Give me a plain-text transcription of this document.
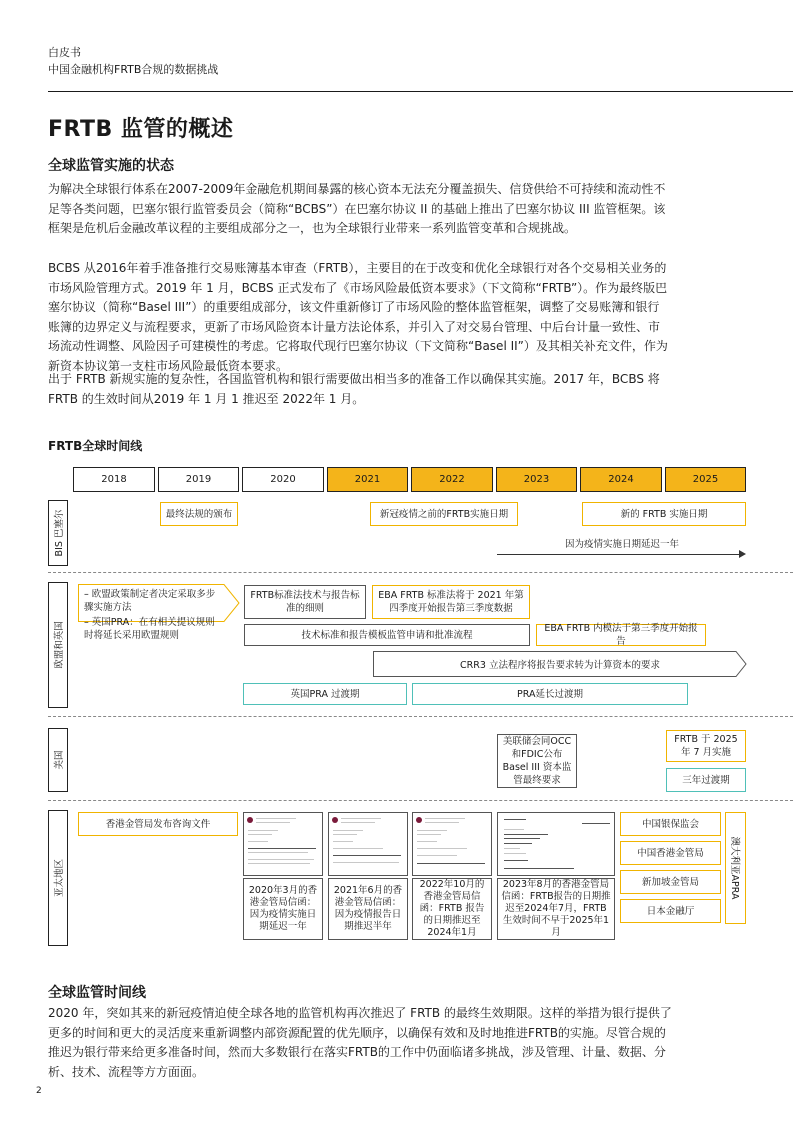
白皮书
中国金融机构FRTB合规的数据挑战
FRTB 监管的概述
全球监管实施的状态
为解决全球银行体系在2007-2009年金融危机期间暴露的核心资本无法充分覆盖损失、信贷供给不可持续和流动性不足等各类问题，巴塞尔银行监管委员会（简称“BCBS”）在巴塞尔协议 II 的基础上推出了巴塞尔协议 III 监管框架。该框架是危机后金融改革议程的主要组成部分之一，也为全球银行业带来一系列监管变革和合规挑战。
BCBS 从2016年着手准备推行交易账簿基本审查（FRTB），主要目的在于改变和优化全球银行对各个交易相关业务的市场风险管理方式。2019 年 1 月，BCBS 正式发布了《市场风险最低资本要求》（下文简称“FRTB”）。作为最终版巴塞尔协议（简称“Basel III”）的重要组成部分，该文件重新修订了市场风险的整体监管框架，调整了交易账簿和银行账簿的边界定义与流程要求，更新了市场风险资本计量方法论体系，并引入了对交易台管理、中后台计量一致性、市场流动性调整、风险因子可建模性的考虑。它将取代现行巴塞尔协议（下文简称“Basel II”）及其相关补充文件，作为新资本协议第一支柱市场风险最低资本要求。
出于 FRTB 新规实施的复杂性，各国监管机构和银行需要做出相当多的准备工作以确保其实施。2017 年，BCBS 将 FRTB 的生效时间从2019 年 1 月 1 推迟至 2022年 1 月。
FRTB全球时间线
2018	2019	2020	2021	2022	2023	2024	2025
BIS 巴塞尔	最终法规的颁布	新冠疫情之前的FRTB实施日期	新的 FRTB 实施日期
因为疫情实施日期延迟一年
欧盟和英国
– 欧盟政策制定者决定采取多步骤实施方法
– 英国PRA：在有相关提议规则时将延长采用欧盟规则
FRTB标准法技术与报告标准的细则
EBA FRTB 标准法将于 2021 年第四季度开始报告第三季度数据
技术标准和报告模板监管申请和批准流程
EBA FRTB 内模法于第三季度开始报告
CRR3 立法程序将报告要求转为计算资本的要求
英国PRA 过渡期	PRA延长过渡期
美国
美联储会同OCC和FDIC公布Basel III 资本监管最终要求
FRTB 于 2025 年 7 月实施
三年过渡期
亚太地区
香港金管局发布咨询文件
2020年3月的香港金管局信函：因为疫情实施日期延迟一年
2021年6月的香港金管局信函：因为疫情报告日期推迟半年
2022年10月的香港金管局信函：FRTB 报告的日期推迟至 2024年1月
2023年8月的香港金管局信函：FRTB报告的日期推迟至2024年7月，FRTB生效时间不早于2025年1月
中国银保监会
中国香港金管局
新加坡金管局
日本金融厅
澳大利亚APRA
全球监管时间线
2020 年，突如其来的新冠疫情迫使全球各地的监管机构再次推迟了 FRTB 的最终生效期限。这样的举措为银行提供了更多的时间和更大的灵活度来重新调整内部资源配置的优先顺序，以确保有效和及时地推进FRTB的实施。尽管合规的推迟为银行带来给更多准备时间，然而大多数银行在落实FRTB的工作中仍面临诸多挑战，涉及管理、计量、数据、分析、技术、流程等方方面面。
2
